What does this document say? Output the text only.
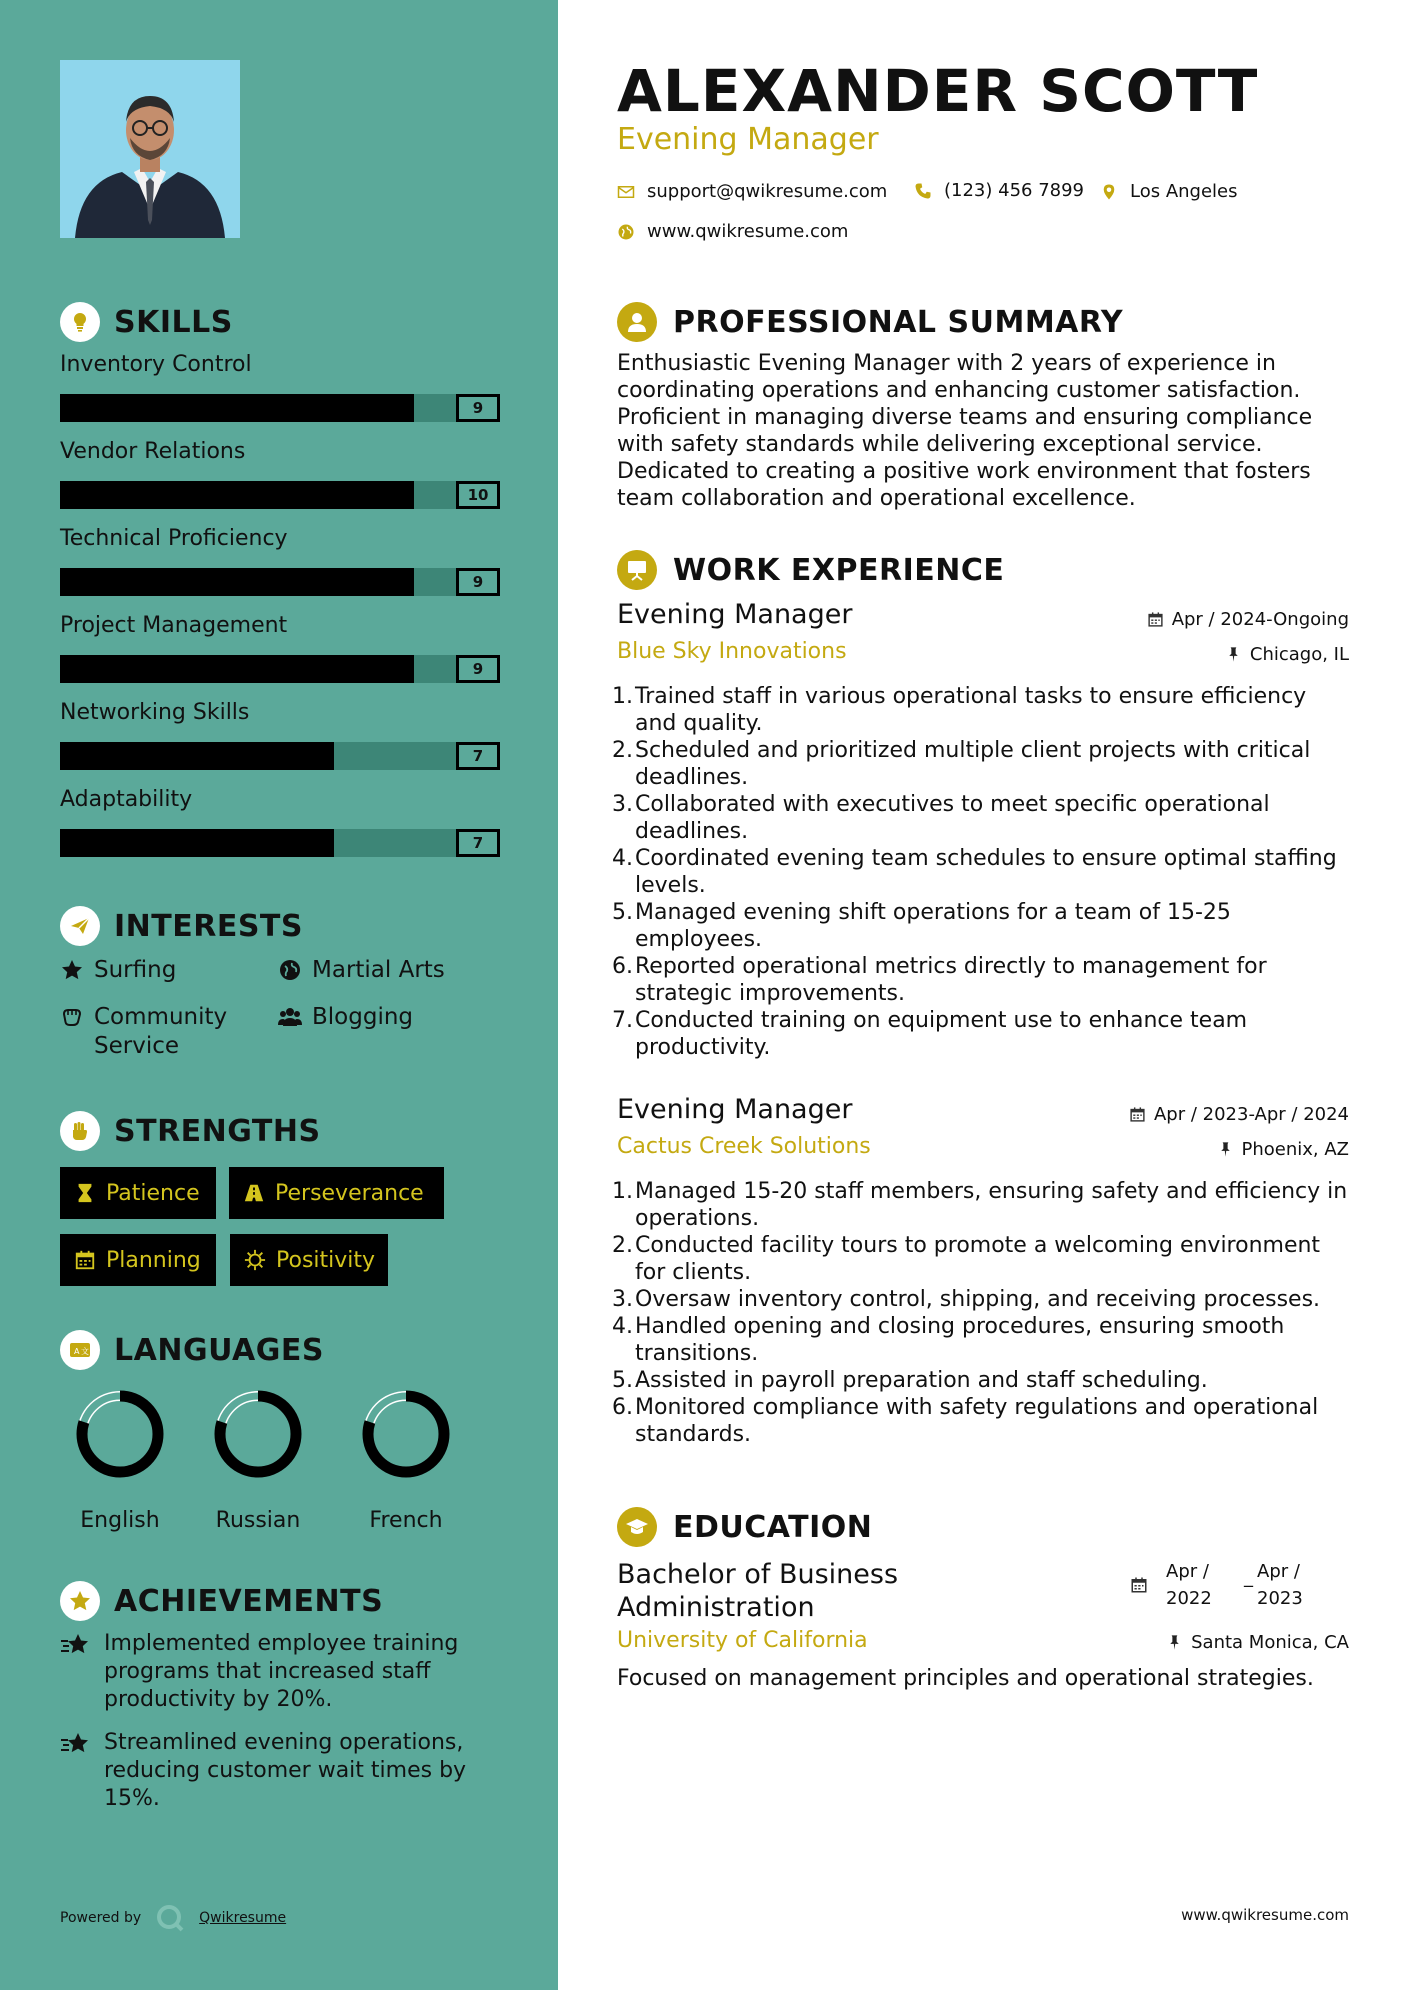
SKILLS
Inventory Control
9
Vendor Relations
10
Technical Proficiency
9
Project Management
9
Networking Skills
7
Adaptability
7
INTERESTS
Surfing	Martial Arts
Community Service
Blogging
STRENGTHS
Patience	Perseverance
Planning	Positivity
A 文 LANGUAGES
English	Russian	French
ACHIEVEMENTS
Implemented employee training programs that increased staff productivity by 20%.
Streamlined evening operations, reducing customer wait times by 15%.
Powered by	Qwikresume
ALEXANDER SCOTT
Evening Manager
support@qwikresume.com	(123) 456 7899	Los Angeles
www.qwikresume.com
PROFESSIONAL SUMMARY
Enthusiastic Evening Manager with 2 years of experience in coordinating operations and enhancing customer satisfaction. Proficient in managing diverse teams and ensuring compliance with safety standards while delivering exceptional service. Dedicated to creating a positive work environment that fosters team collaboration and operational excellence.
WORK EXPERIENCE
Evening Manager	Apr / 2024-Ongoing
Blue Sky Innovations	Chicago, IL
1. Trained staff in various operational tasks to ensure efficiency and quality.
2. Scheduled and prioritized multiple client projects with critical deadlines.
3. Collaborated with executives to meet specific operational deadlines.
4. Coordinated evening team schedules to ensure optimal staffing levels.
5. Managed evening shift operations for a team of 15-25 employees.
6. Reported operational metrics directly to management for strategic improvements.
7. Conducted training on equipment use to enhance team productivity.
Evening Manager	Apr / 2023-Apr / 2024
Cactus Creek Solutions	Phoenix, AZ
1. Managed 15-20 staff members, ensuring safety and efficiency in operations.
2. Conducted facility tours to promote a welcoming environment for clients.
3. Oversaw inventory control, shipping, and receiving processes.
4. Handled opening and closing procedures, ensuring smooth transitions.
5. Assisted in payroll preparation and staff scheduling.
6. Monitored compliance with safety regulations and operational standards.
EDUCATION
Bachelor of Business Administration
Apr / 2022
_ Apr / 2023
University of California	Santa Monica, CA
Focused on management principles and operational strategies.
www.qwikresume.com
